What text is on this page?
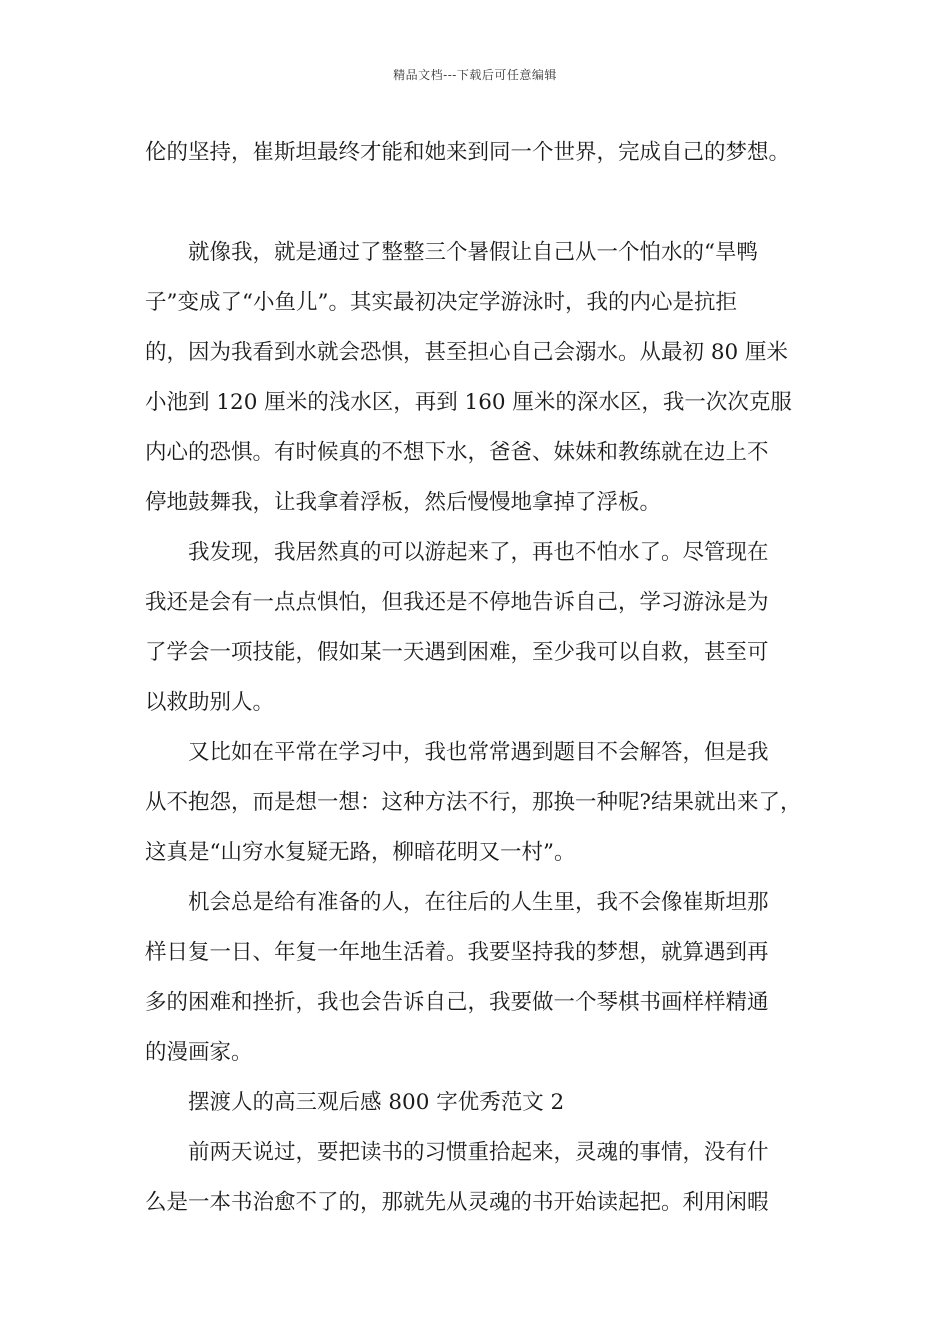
精品文档---下载后可任意编辑
伦的坚持，崔斯坦最终才能和她来到同一个世界，完成自己的梦想。
就像我，就是通过了整整三个暑假让自己从一个怕水的“旱鸭
子”变成了“小鱼儿”。其实最初决定学游泳时，我的内心是抗拒
的，因为我看到水就会恐惧，甚至担心自己会溺水。从最初 80 厘米
小池到 120 厘米的浅水区，再到 160 厘米的深水区，我一次次克服
内心的恐惧。有时候真的不想下水，爸爸、妹妹和教练就在边上不
停地鼓舞我，让我拿着浮板，然后慢慢地拿掉了浮板。
我发现，我居然真的可以游起来了，再也不怕水了。尽管现在
我还是会有一点点惧怕，但我还是不停地告诉自己，学习游泳是为
了学会一项技能，假如某一天遇到困难，至少我可以自救，甚至可
以救助别人。
又比如在平常在学习中，我也常常遇到题目不会解答，但是我
从不抱怨，而是想一想：这种方法不行，那换一种呢?结果就出来了，
这真是“山穷水复疑无路，柳暗花明又一村”。
机会总是给有准备的人，在往后的人生里，我不会像崔斯坦那
样日复一日、年复一年地生活着。我要坚持我的梦想，就算遇到再
多的困难和挫折，我也会告诉自己，我要做一个琴棋书画样样精通
的漫画家。
摆渡人的高三观后感 800 字优秀范文 2
前两天说过，要把读书的习惯重拾起来，灵魂的事情，没有什
么是一本书治愈不了的，那就先从灵魂的书开始读起把。利用闲暇
